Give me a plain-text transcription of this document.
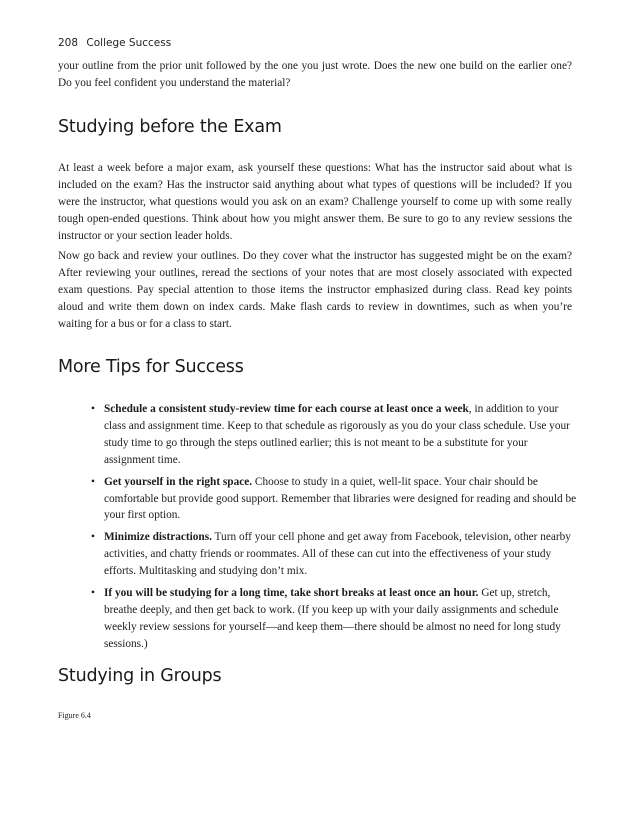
208 College Success

your outline from the prior unit followed by the one you just wrote. Does the new one build on the earlier one? Do you feel confident you understand the material?

Studying before the Exam

At least a week before a major exam, ask yourself these questions: What has the instructor said about what is included on the exam? Has the instructor said anything about what types of questions will be included? If you were the instructor, what questions would you ask on an exam? Challenge yourself to come up with some really tough open-ended questions. Think about how you might answer them. Be sure to go to any review sessions the instructor or your section leader holds.

Now go back and review your outlines. Do they cover what the instructor has suggested might be on the exam? After reviewing your outlines, reread the sections of your notes that are most closely associated with expected exam questions. Pay special attention to those items the instructor emphasized during class. Read key points aloud and write them down on index cards. Make flash cards to review in downtimes, such as when you’re waiting for a bus or for a class to start.

More Tips for Success
• Schedule a consistent study-review time for each course at least once a week, in addition to your class and assignment time. Keep to that schedule as rigorously as you do your class schedule. Use your study time to go through the steps outlined earlier; this is not meant to be a substitute for your assignment time.
• Get yourself in the right space. Choose to study in a quiet, well-lit space. Your chair should be comfortable but provide good support. Remember that libraries were designed for reading and should be your first option.
• Minimize distractions. Turn off your cell phone and get away from Facebook, television, other nearby activities, and chatty friends or roommates. All of these can cut into the effectiveness of your study efforts. Multitasking and studying don’t mix.
• If you will be studying for a long time, take short breaks at least once an hour. Get up, stretch, breathe deeply, and then get back to work. (If you keep up with your daily assignments and schedule weekly review sessions for yourself—and keep them—there should be almost no need for long study sessions.)
Studying in Groups
Figure 6.4
